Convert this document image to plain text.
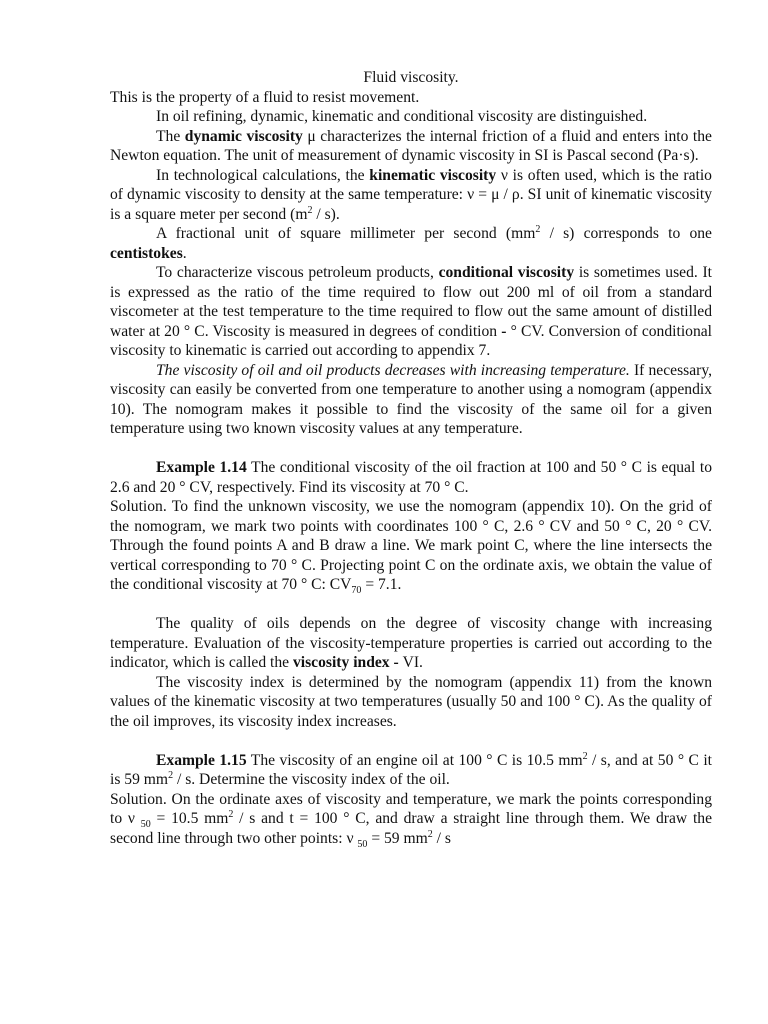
Fluid viscosity.

This is the property of a fluid to resist movement.

In oil refining, dynamic, kinematic and conditional viscosity are distinguished.

The dynamic viscosity μ characterizes the internal friction of a fluid and enters into the Newton equation. The unit of measurement of dynamic viscosity in SI is Pascal second (Pa·s).

In technological calculations, the kinematic viscosity ν is often used, which is the ratio of dynamic viscosity to density at the same temperature: ν = μ / ρ. SI unit of kinematic viscosity is a square meter per second $(m^2 / s)$.

A fractional unit of square millimeter per second $(mm^2 / s)$ corresponds to one centistokes.

To characterize viscous petroleum products, conditional viscosity is sometimes used. It is expressed as the ratio of the time required to flow out 200 ml of oil from a standard viscometer at the test temperature to the time required to flow out the same amount of distilled water at 20 ° C. Viscosity is measured in degrees of condition - ° CV. Conversion of conditional viscosity to kinematic is carried out according to appendix 7.

The viscosity of oil and oil products decreases with increasing temperature. If necessary, viscosity can easily be converted from one temperature to another using a nomogram (appendix 10). The nomogram makes it possible to find the viscosity of the same oil for a given temperature using two known viscosity values at any temperature.

Example 1.14 The conditional viscosity of the oil fraction at 100 and 50 ° C is equal to 2.6 and 20 ° CV, respectively. Find its viscosity at 70 ° C.

Solution. To find the unknown viscosity, we use the nomogram (appendix 10). On the grid of the nomogram, we mark two points with coordinates 100 ° C, 2.6 ° CV and 50 ° C, 20 ° CV. Through the found points A and B draw a line. We mark point C, where the line intersects the vertical corresponding to 70 ° C. Projecting point C on the ordinate axis, we obtain the value of the conditional viscosity at 70 ° C: $CV_{70} = 7.1$.

The quality of oils depends on the degree of viscosity change with increasing temperature. Evaluation of the viscosity-temperature properties is carried out according to the indicator, which is called the viscosity index - VI.

The viscosity index is determined by the nomogram (appendix 11) from the known values of the kinematic viscosity at two temperatures (usually 50 and 100 ° C). As the quality of the oil improves, its viscosity index increases.

Example 1.15 The viscosity of an engine oil at 100 ° C is 10.5 $mm^2$ / s, and at 50 ° C it is 59 $mm^2$ / s. Determine the viscosity index of the oil.

Solution. On the ordinate axes of viscosity and temperature, we mark the points corresponding to ν $_{50}$ = 10.5 $mm^2$ / s and t = 100 ° C, and draw a straight line through them. We draw the second line through two other points: ν $_{50}$ = 59 $mm^2$ / s
